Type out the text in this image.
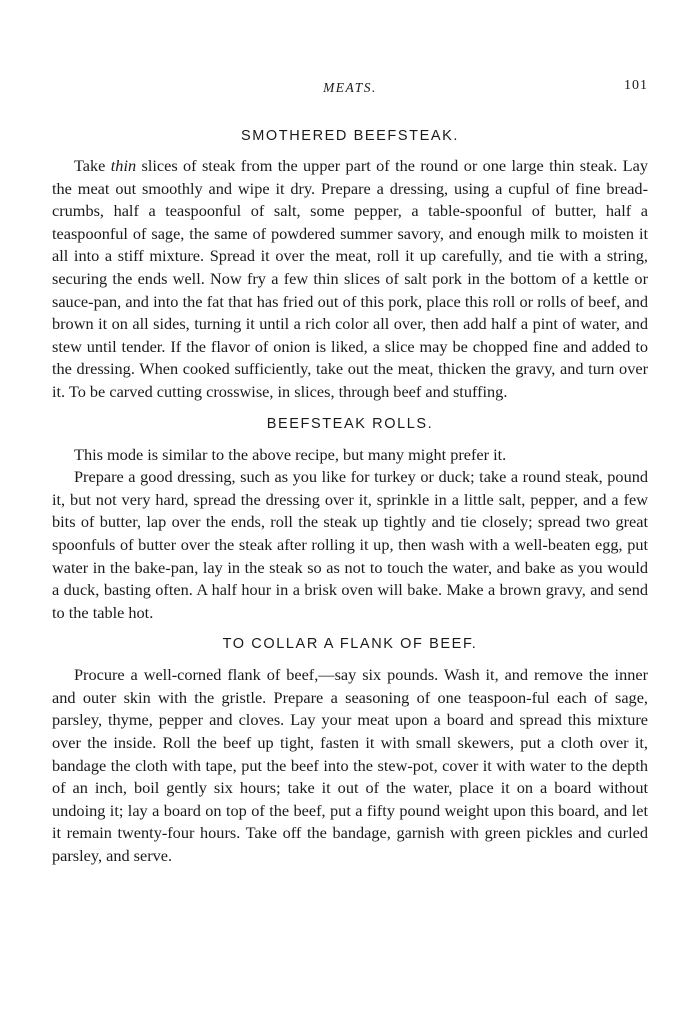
MEATS.	101
SMOTHERED BEEFSTEAK.

Take thin slices of steak from the upper part of the round or one large thin steak. Lay the meat out smoothly and wipe it dry. Prepare a dressing, using a cupful of fine bread-crumbs, half a teaspoonful of salt, some pepper, a table-spoonful of butter, half a teaspoonful of sage, the same of powdered summer savory, and enough milk to moisten it all into a stiff mixture. Spread it over the meat, roll it up carefully, and tie with a string, securing the ends well. Now fry a few thin slices of salt pork in the bottom of a kettle or sauce-pan, and into the fat that has fried out of this pork, place this roll or rolls of beef, and brown it on all sides, turning it until a rich color all over, then add half a pint of water, and stew until tender. If the flavor of onion is liked, a slice may be chopped fine and added to the dressing. When cooked sufficiently, take out the meat, thicken the gravy, and turn over it. To be carved cutting crosswise, in slices, through beef and stuffing.

BEEFSTEAK ROLLS.

This mode is similar to the above recipe, but many might prefer it.

Prepare a good dressing, such as you like for turkey or duck; take a round steak, pound it, but not very hard, spread the dressing over it, sprinkle in a little salt, pepper, and a few bits of butter, lap over the ends, roll the steak up tightly and tie closely; spread two great spoonfuls of butter over the steak after rolling it up, then wash with a well-beaten egg, put water in the bake-pan, lay in the steak so as not to touch the water, and bake as you would a duck, basting often. A half hour in a brisk oven will bake. Make a brown gravy, and send to the table hot.

TO COLLAR A FLANK OF BEEF.

Procure a well-corned flank of beef,—say six pounds. Wash it, and remove the inner and outer skin with the gristle. Prepare a seasoning of one teaspoon-ful each of sage, parsley, thyme, pepper and cloves. Lay your meat upon a board and spread this mixture over the inside. Roll the beef up tight, fasten it with small skewers, put a cloth over it, bandage the cloth with tape, put the beef into the stew-pot, cover it with water to the depth of an inch, boil gently six hours; take it out of the water, place it on a board without undoing it; lay a board on top of the beef, put a fifty pound weight upon this board, and let it remain twenty-four hours. Take off the bandage, garnish with green pickles and curled parsley, and serve.
